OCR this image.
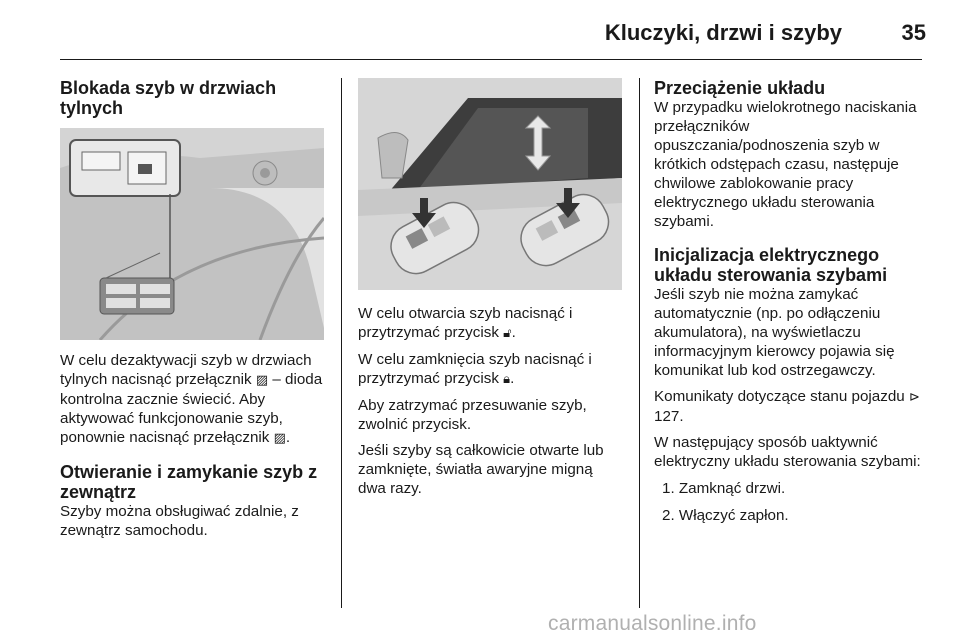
Kluczyki, drzwi i szyby	35
Blokada szyb w drzwiach tylnych

W celu dezaktywacji szyb w drzwiach tylnych nacisnąć przełącznik ▨ – dioda kontrolna zacznie świecić. Aby aktywować funkcjonowanie szyb, ponownie nacisnąć przełącznik ▨.

Otwieranie i zamykanie szyb z zewnątrz

Szyby można obsługiwać zdalnie, z zewnątrz samochodu.

W celu otwarcia szyb nacisnąć i przytrzymać przycisk 🔓︎.

W celu zamknięcia szyb nacisnąć i przytrzymać przycisk 🔒︎.

Aby zatrzymać przesuwanie szyb, zwolnić przycisk.

Jeśli szyby są całkowicie otwarte lub zamknięte, światła awaryjne migną dwa razy.

Przeciążenie układu

W przypadku wielokrotnego naciskania przełączników opuszczania/podnoszenia szyb w krótkich odstępach czasu, następuje chwilowe zablokowanie pracy elektrycznego układu sterowania szybami.

Inicjalizacja elektrycznego układu sterowania szybami

Jeśli szyb nie można zamykać automatycznie (np. po odłączeniu akumulatora), na wyświetlaczu informacyjnym kierowcy pojawia się komunikat lub kod ostrzegawczy.

Komunikaty dotyczące stanu pojazdu ⊳ 127.

W następujący sposób uaktywnić elektryczny układu sterowania szybami:

1. Zamknąć drzwi.
2. Włączyć zapłon.
carmanualsonline.info
